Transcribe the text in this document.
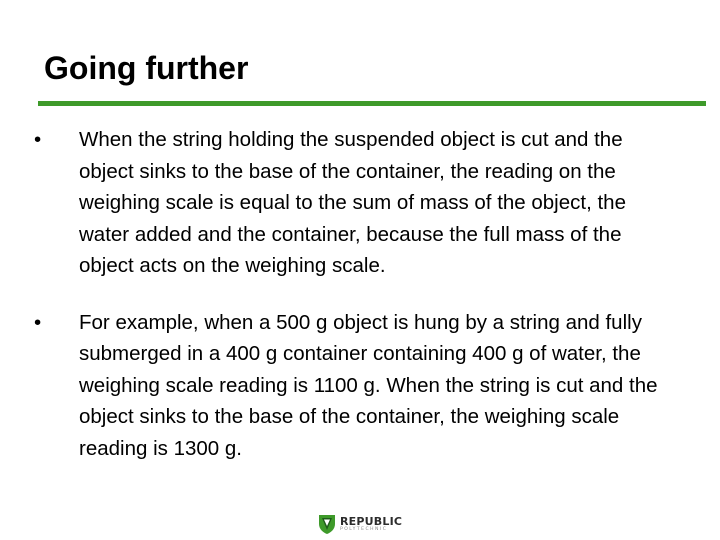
Going further
• When the string holding the suspended object is cut and the object sinks to the base of the container, the reading on the weighing scale is equal to the sum of mass of the object, the water added and the container, because the full mass of the object acts on the weighing scale.
• For example, when a 500 g object is hung by a string and fully submerged in a 400 g container containing 400 g of water, the weighing scale reading is 1100 g. When the string is cut and the object sinks to the base of the container, the weighing scale reading is 1300 g.
REPUBLIC
POLYTECHNIC
